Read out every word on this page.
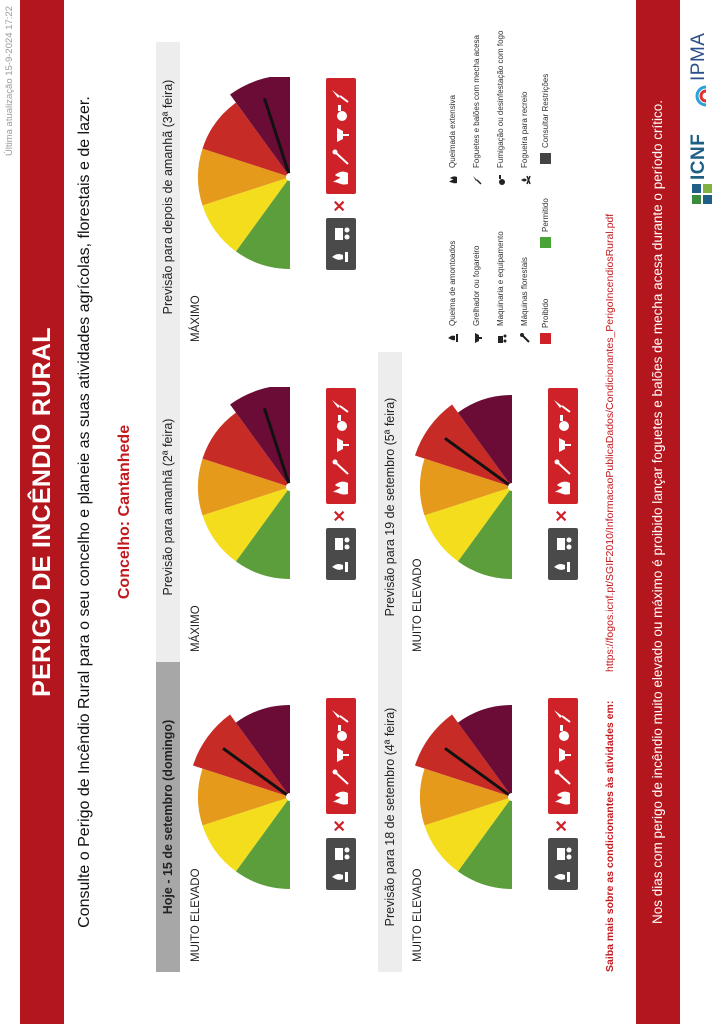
Última atualização 15-9-2024 17:22
PERIGO DE INCÊNDIO RURAL	Consulte o Perigo de Incêndio Rural para o seu concelho e planeie as suas atividades agrícolas, florestais e de lazer. Concelho: Cantanhede
Hoje - 15 de setembro (domingo)
MUITO ELEVADO
✕
Previsão para amanhã (2ª feira)
MÁXIMO
✕
Previsão para depois de amanhã (3ª feira)
MÁXIMO
✕
Previsão para 18 de setembro (4ª feira)	MUITO ELEVADO
✕
Previsão para 19 de setembro (5ª feira)	MUITO ELEVADO
✕
Queima de amontoados Grelhador ou fogareiro Maquinaria e equipamento Máquinas florestais
Queimada extensiva Foguetes e balões com mecha acesa Fumigação ou desinfestação com fogo Fogueira para recreio
Proibido
Permitido
Consultar Restrições
Saiba mais sobre as condicionantes às atividades em:
https://fogos.icnf.pt/SGIF2010/InformacaoPublicaDados/Condicionantes_PerigoIncendiosRural.pdf	Nos dias com perigo de incêndio muito elevado ou máximo é proibido lançar foguetes e balões de mecha acesa durante o período crítico.	ICNF
IPMA
